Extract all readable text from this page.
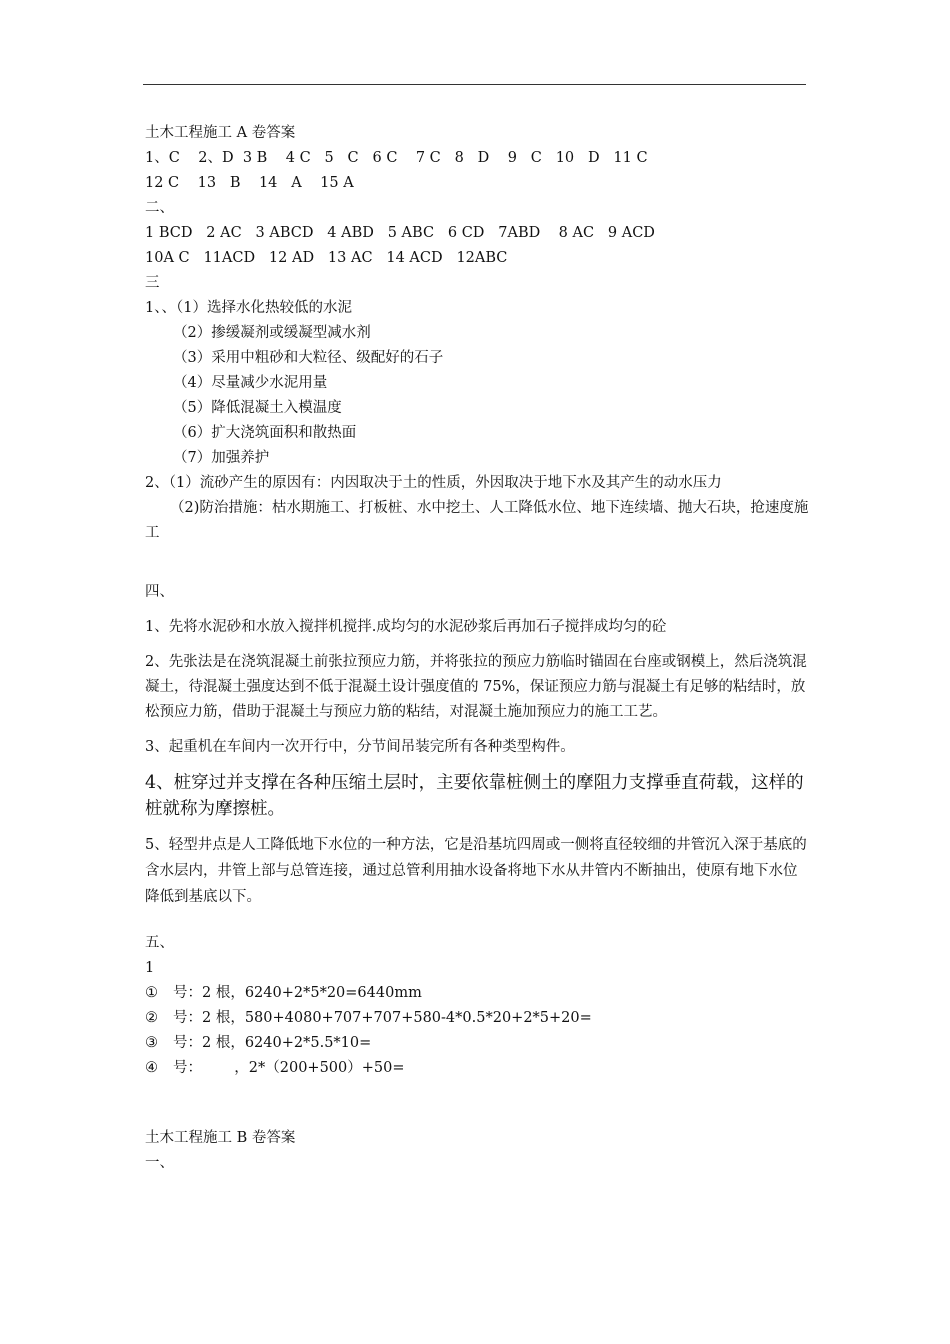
土木工程施工 A 卷答案
1、C    2、D  3 B    4 C   5   C   6 C    7 C   8   D    9   C   10   D   11 C
12 C    13   B    14   A    15 A
二、
1 BCD   2 AC   3 ABCD   4 ABD   5 ABC   6 CD   7ABD    8 AC   9 ACD
10A C   11ACD   12 AD   13 AC   14 ACD   12ABC
三
1、、（1）选择水化热较低的水泥
（2）掺缓凝剂或缓凝型减水剂
（3）采用中粗砂和大粒径、级配好的石子
（4）尽量减少水泥用量
（5）降低混凝土入模温度
（6）扩大浇筑面积和散热面
（7）加强养护
2、（1）流砂产生的原因有：内因取决于土的性质，外因取决于地下水及其产生的动水压力
（2)防治措施：枯水期施工、打板桩、水中挖土、人工降低水位、地下连续墙、抛大石块，抢速度施工
四、
1、先将水泥砂和水放入搅拌机搅拌.成均匀的水泥砂浆后再加石子搅拌成均匀的砼
2、先张法是在浇筑混凝土前张拉预应力筋，并将张拉的预应力筋临时锚固在台座或钢模上，然后浇筑混凝土，待混凝土强度达到不低于混凝土设计强度值的 75%，保证预应力筋与混凝土有足够的粘结时，放松预应力筋，借助于混凝土与预应力筋的粘结，对混凝土施加预应力的施工工艺。
3、起重机在车间内一次开行中，分节间吊装完所有各种类型构件。
4、桩穿过并支撑在各种压缩土层时，主要依靠桩侧土的摩阻力支撑垂直荷载，这样的桩就称为摩擦桩。
5、轻型井点是人工降低地下水位的一种方法，它是沿基坑四周或一侧将直径较细的井管沉入深于基底的含水层内，井管上部与总管连接，通过总管利用抽水设备将地下水从井管内不断抽出，使原有地下水位降低到基底以下。
五、
1
① 号：2 根，6240+2*5*20=6440mm
② 号：2 根，580+4080+707+707+580-4*0.5*20+2*5+20=
③ 号：2 根，6240+2*5.5*10=
④ 号：       ，2*（200+500）+50=
土木工程施工 B 卷答案
一、
